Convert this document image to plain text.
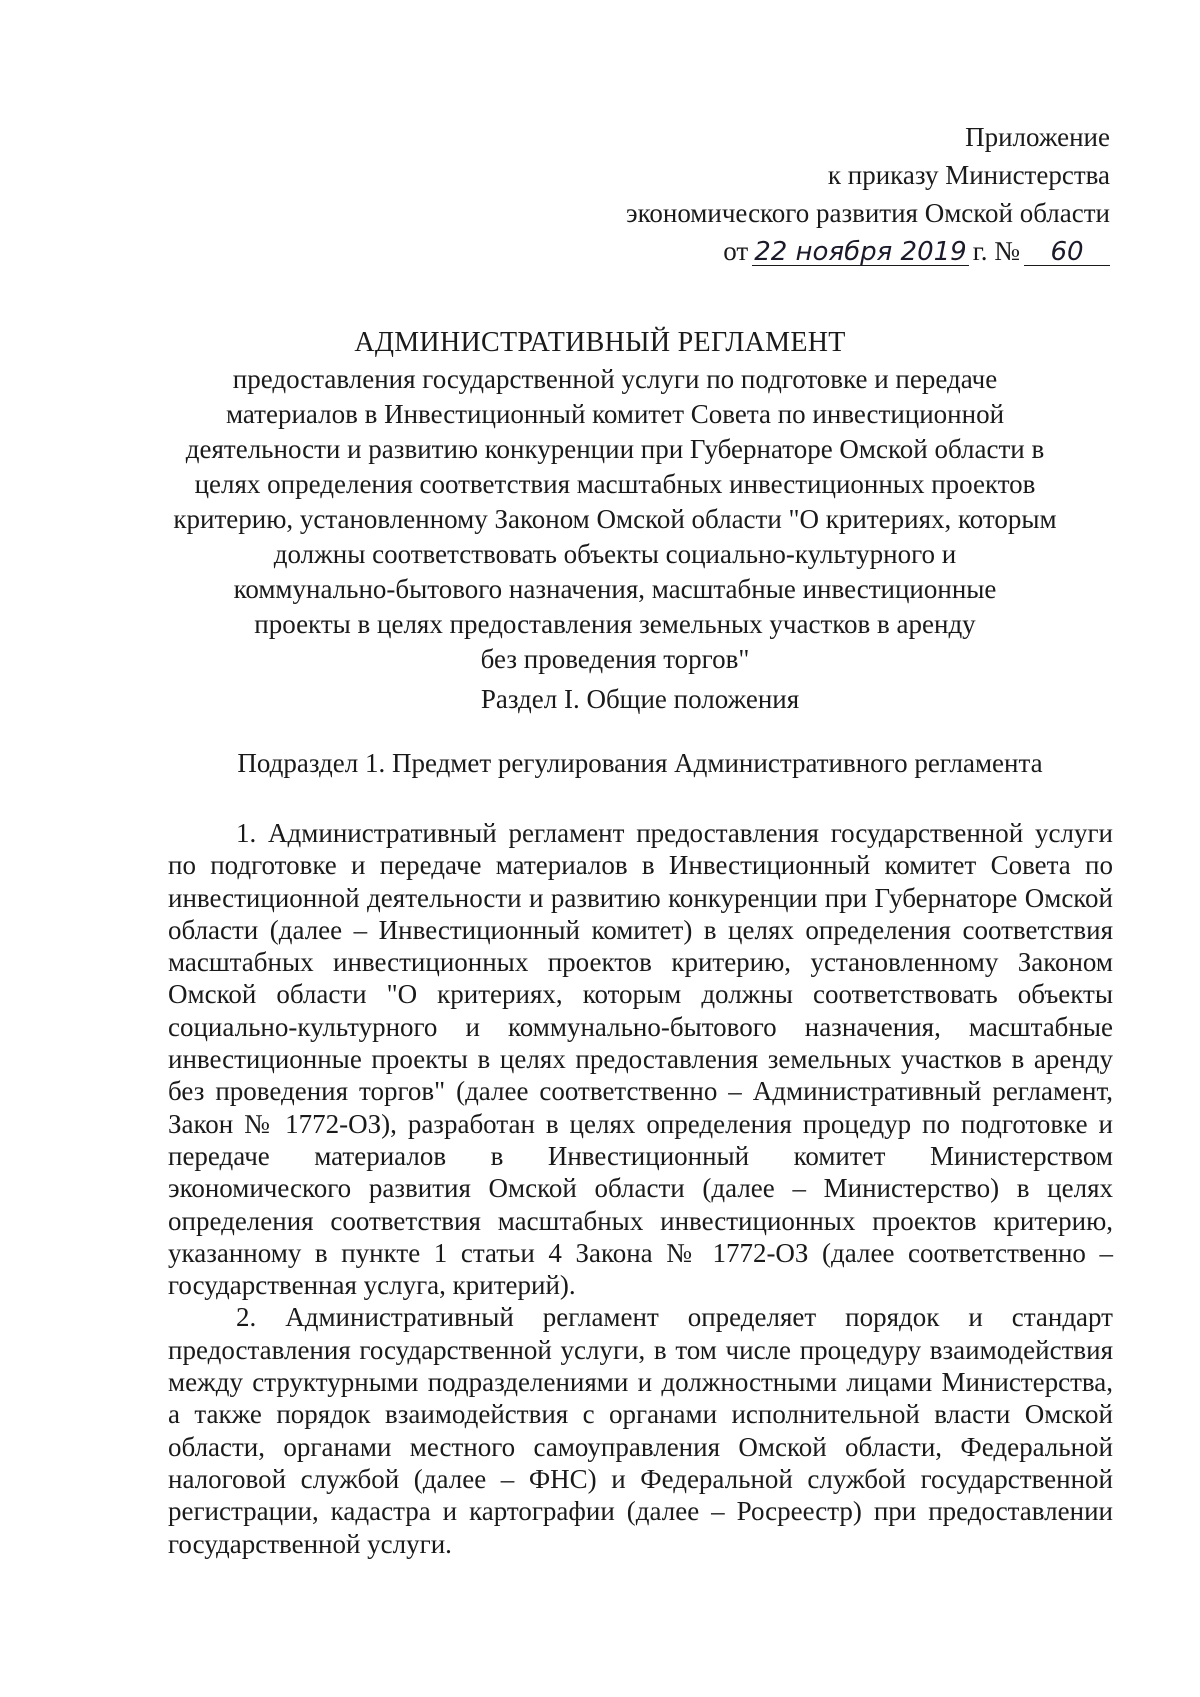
Приложение
к приказу Министерства
экономического развития Омской области
от 22 ноября 2019 г. №	60
АДМИНИСТРАТИВНЫЙ РЕГЛАМЕНТ
предоставления государственной услуги по подготовке и передаче
материалов в Инвестиционный комитет Совета по инвестиционной
деятельности и развитию конкуренции при Губернаторе Омской области в
целях определения соответствия масштабных инвестиционных проектов
критерию, установленному Законом Омской области "О критериях, которым
должны соответствовать объекты социально-культурного и
коммунально-бытового назначения, масштабные инвестиционные
проекты в целях предоставления земельных участков в аренду
без проведения торгов"
Раздел I. Общие положения
Подраздел 1. Предмет регулирования Административного регламента

1. Административный регламент предоставления государственной услуги по подготовке и передаче материалов в Инвестиционный комитет Совета по инвестиционной деятельности и развитию конкуренции при Губернаторе Омской области (далее – Инвестиционный комитет) в целях определения соответствия масштабных инвестиционных проектов критерию, установленному Законом Омской области "О критериях, которым должны соответствовать объекты социально-культурного и коммунально-бытового назначения, масштабные инвестиционные проекты в целях предоставления земельных участков в аренду без проведения торгов" (далее соответственно – Административный регламент, Закон № 1772-ОЗ), разработан в целях определения процедур по подготовке и передаче материалов в Инвестиционный комитет Министерством экономического развития Омской области (далее – Министерство) в целях определения соответствия масштабных инвестиционных проектов критерию, указанному в пункте 1 статьи 4 Закона № 1772-ОЗ (далее соответственно – государственная услуга, критерий).

2. Административный регламент определяет порядок и стандарт предоставления государственной услуги, в том числе процедуру взаимодействия между структурными подразделениями и должностными лицами Министерства, а также порядок взаимодействия с органами исполнительной власти Омской области, органами местного самоуправления Омской области, Федеральной налоговой службой (далее – ФНС) и Федеральной службой государственной регистрации, кадастра и картографии (далее – Росреестр) при предоставлении государственной услуги.
